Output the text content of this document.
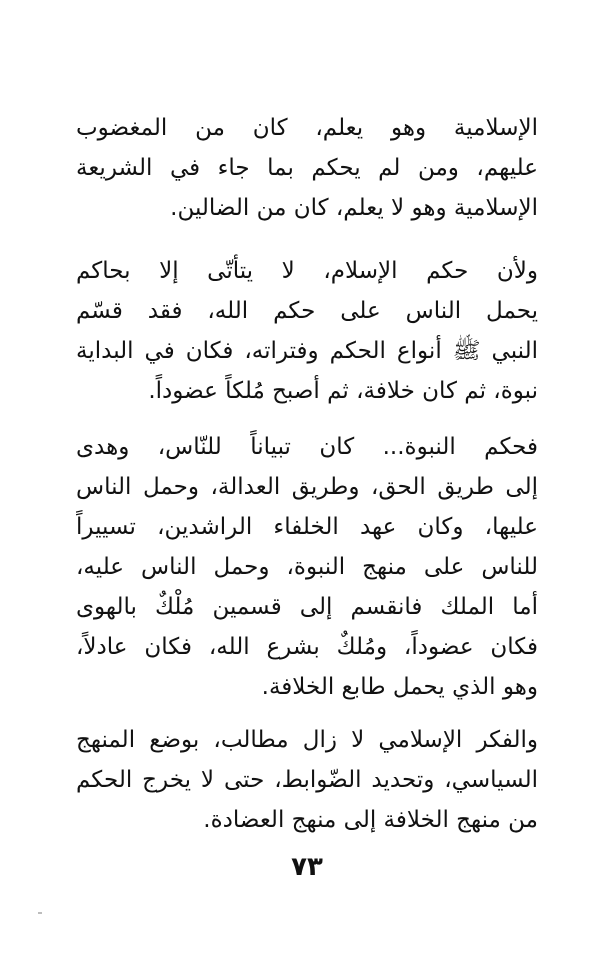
الإسلامية وهو يعلم، كان من المغضوب
عليهم، ومن لم يحكم بما جاء في الشريعة
الإسلامية وهو لا يعلم، كان من الضالين.
ولأن حكم الإسلام، لا يتأتّى إلا بحاكم
يحمل الناس على حكم الله، فقد قسّم
النبي ﷺ أنواع الحكم وفتراته، فكان في البداية
نبوة، ثم كان خلافة، ثم أصبح مُلكاً عضوداً.
فحكم النبوة... كان تبياناً للنّاس، وهدى
إلى طريق الحق، وطريق العدالة، وحمل الناس
عليها، وكان عهد الخلفاء الراشدين، تسييراً
للناس على منهج النبوة، وحمل الناس عليه،
أما الملك فانقسم إلى قسمين مُلْكٌ بالهوى
فكان عضوداً، ومُلكٌ بشرع الله، فكان عادلاً،
وهو الذي يحمل طابع الخلافة.
والفكر الإسلامي لا زال مطالب، بوضع المنهج
السياسي، وتحديد الضّوابط، حتى لا يخرج الحكم
من منهج الخلافة إلى منهج العضادة.
٧٣
